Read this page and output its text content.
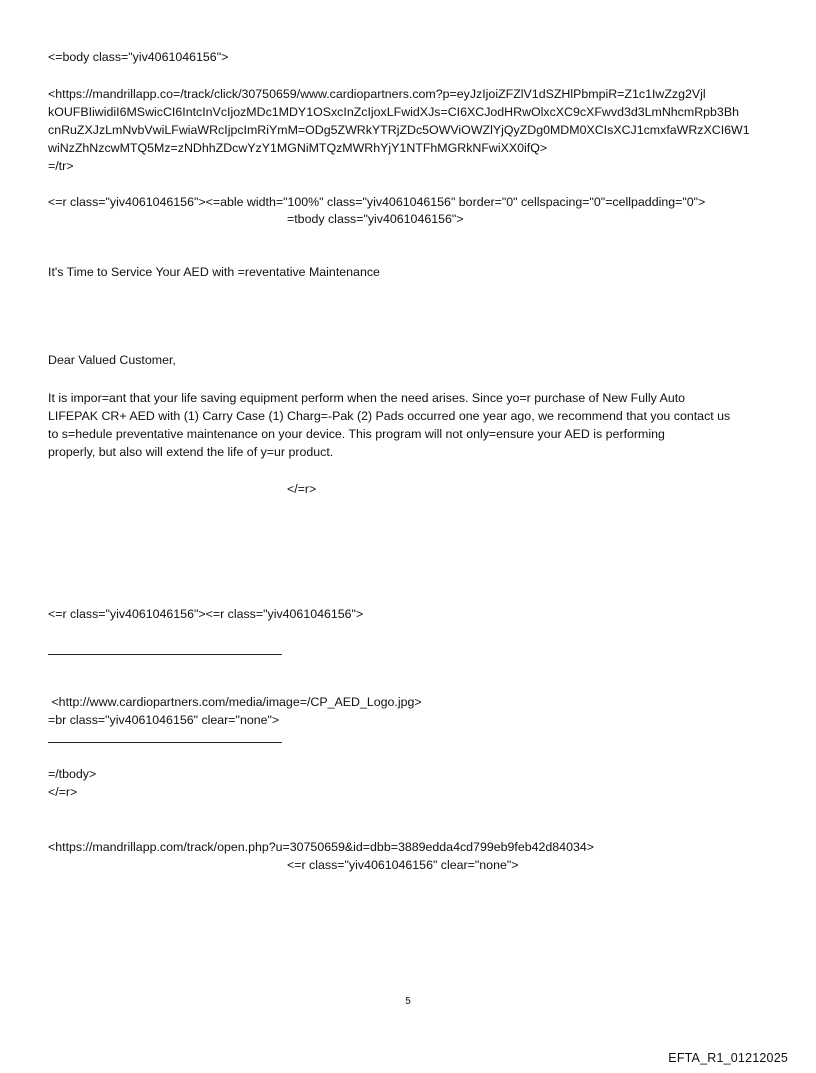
<=body class="yiv4061046156">
<https://mandrillapp.co=/track/click/30750659/www.cardiopartners.com?p=eyJzIjoiZFZlV1dSZHlPbmpiR=Z1c1IwZzg2Vjl
kOUFBIiwidiI6MSwicCI6IntcInVcIjozMDc1MDY1OSxcInZcIjoxLFwidXJs=CI6XCJodHRwOlxcXC9cXFwvd3d3LmNhcmRpb3Bh
cnRuZXJzLmNvbVwiLFwiaWRcIjpcImRiYmM=ODg5ZWRkYTRjZDc5OWViOWZlYjQyZDg0MDM0XCIsXCJ1cmxfaWRzXCI6W1
wiNzZhNzcwMTQ5Mz=zNDhhZDcwYzY1MGNiMTQzMWRhYjY1NTFhMGRkNFwiXX0ifQ>
=/tr>
<=r class="yiv4061046156"><=able width="100%" class="yiv4061046156" border="0" cellspacing="0"=cellpadding="0">
=tbody class="yiv4061046156">
It's Time to Service Your AED with =reventative Maintenance
Dear Valued Customer,
It is impor=ant that your life saving equipment perform when the need arises. Since yo=r purchase of New Fully Auto
LIFEPAK CR+ AED with (1) Carry Case (1) Charg=-Pak (2) Pads occurred one year ago, we recommend that you contact us
to s=hedule preventative maintenance on your device. This program will not only=ensure your AED is performing
properly, but also will extend the life of y=ur product.
</=r>
<=r class="yiv4061046156"><=r class="yiv4061046156">
<http://www.cardiopartners.com/media/image=/CP_AED_Logo.jpg>
=br class="yiv4061046156" clear="none">
=/tbody>
</=r>
<https://mandrillapp.com/track/open.php?u=30750659&id=dbb=3889edda4cd799eb9feb42d84034>
<=r class="yiv4061046156" clear="none">
5
EFTA_R1_01212025
